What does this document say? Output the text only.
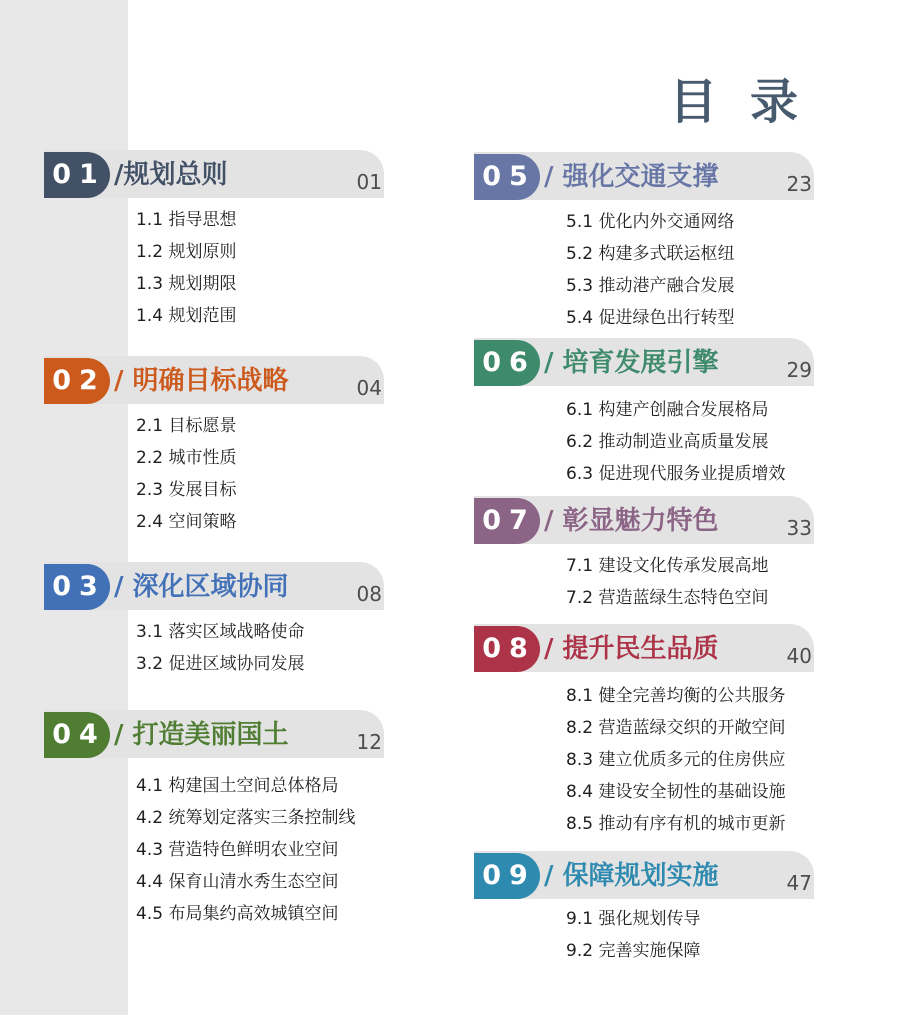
目 录
01 /规划总则	01
1.1 指导思想
1.2 规划原则
1.3 规划期限
1.4 规划范围
02 / 明确目标战略	04
2.1 目标愿景
2.2 城市性质
2.3 发展目标
2.4 空间策略
03 / 深化区域协同	08
3.1 落实区域战略使命
3.2 促进区域协同发展
04 / 打造美丽国土	12
4.1 构建国土空间总体格局
4.2 统筹划定落实三条控制线
4.3 营造特色鲜明农业空间
4.4 保育山清水秀生态空间
4.5 布局集约高效城镇空间
05 / 强化交通支撑	23
5.1 优化内外交通网络
5.2 构建多式联运枢纽
5.3 推动港产融合发展
5.4 促进绿色出行转型
06 / 培育发展引擎	29
6.1 构建产创融合发展格局
6.2 推动制造业高质量发展
6.3 促进现代服务业提质增效
07 / 彰显魅力特色	33
7.1 建设文化传承发展高地
7.2 营造蓝绿生态特色空间
08 / 提升民生品质	40
8.1 健全完善均衡的公共服务
8.2 营造蓝绿交织的开敞空间
8.3 建立优质多元的住房供应
8.4 建设安全韧性的基础设施
8.5 推动有序有机的城市更新
09 / 保障规划实施	47
9.1 强化规划传导
9.2 完善实施保障
